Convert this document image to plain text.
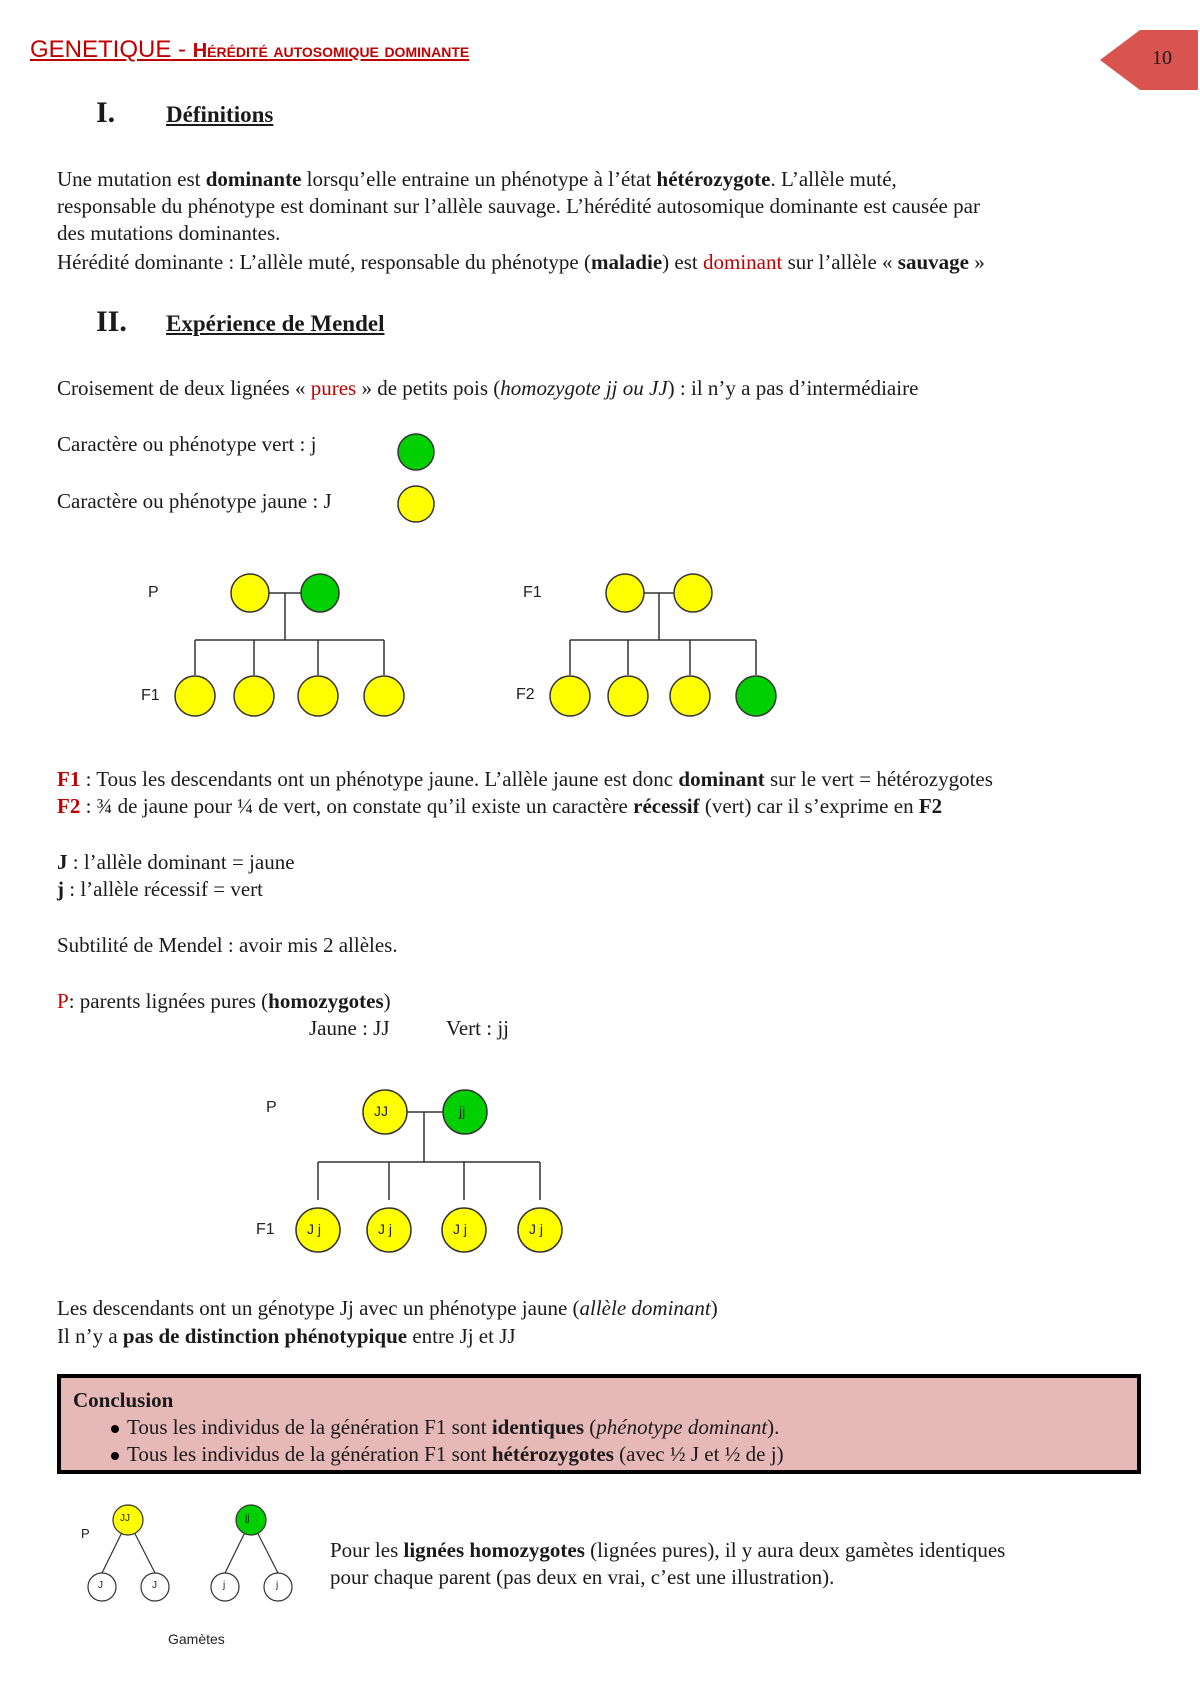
GENETIQUE - Hérédité autosomique dominante	10
I. Définitions
Une mutation est dominante lorsqu’elle entraine un phénotype à l’état hétérozygote. L’allèle muté,
responsable du phénotype est dominant sur l’allèle sauvage. L’hérédité autosomique dominante est causée par
des mutations dominantes.
Hérédité dominante : L’allèle muté, responsable du phénotype (maladie) est dominant sur l’allèle « sauvage »
II. Expérience de Mendel
Croisement de deux lignées « pures » de petits pois (homozygote jj ou JJ) : il n’y a pas d’intermédiaire
Caractère ou phénotype vert : j
Caractère ou phénotype jaune : J
P
F1
F1
F2
F1 : Tous les descendants ont un phénotype jaune. L’allèle jaune est donc dominant sur le vert = hétérozygotes
F2 : ¾ de jaune pour ¼ de vert, on constate qu’il existe un caractère récessif (vert) car il s’exprime en F2
J : l’allèle dominant = jaune
j : l’allèle récessif = vert
Subtilité de Mendel : avoir mis 2 allèles.
P: parents lignées pures (homozygotes)
Jaune : JJ	Vert : jj
P
F1
JJ	jj
J j	J j	J j	J j
Les descendants ont un génotype Jj avec un phénotype jaune (allèle dominant)
Il n’y a pas de distinction phénotypique entre Jj et JJ
Conclusion
Tous les individus de la génération F1 sont identiques (phénotype dominant).
Tous les individus de la génération F1 sont hétérozygotes (avec ½ J et ½ de j)
P
JJ	jj
J	J	j	j
Gamètes
Pour les lignées homozygotes (lignées pures), il y aura deux gamètes identiques
pour chaque parent (pas deux en vrai, c’est une illustration).
